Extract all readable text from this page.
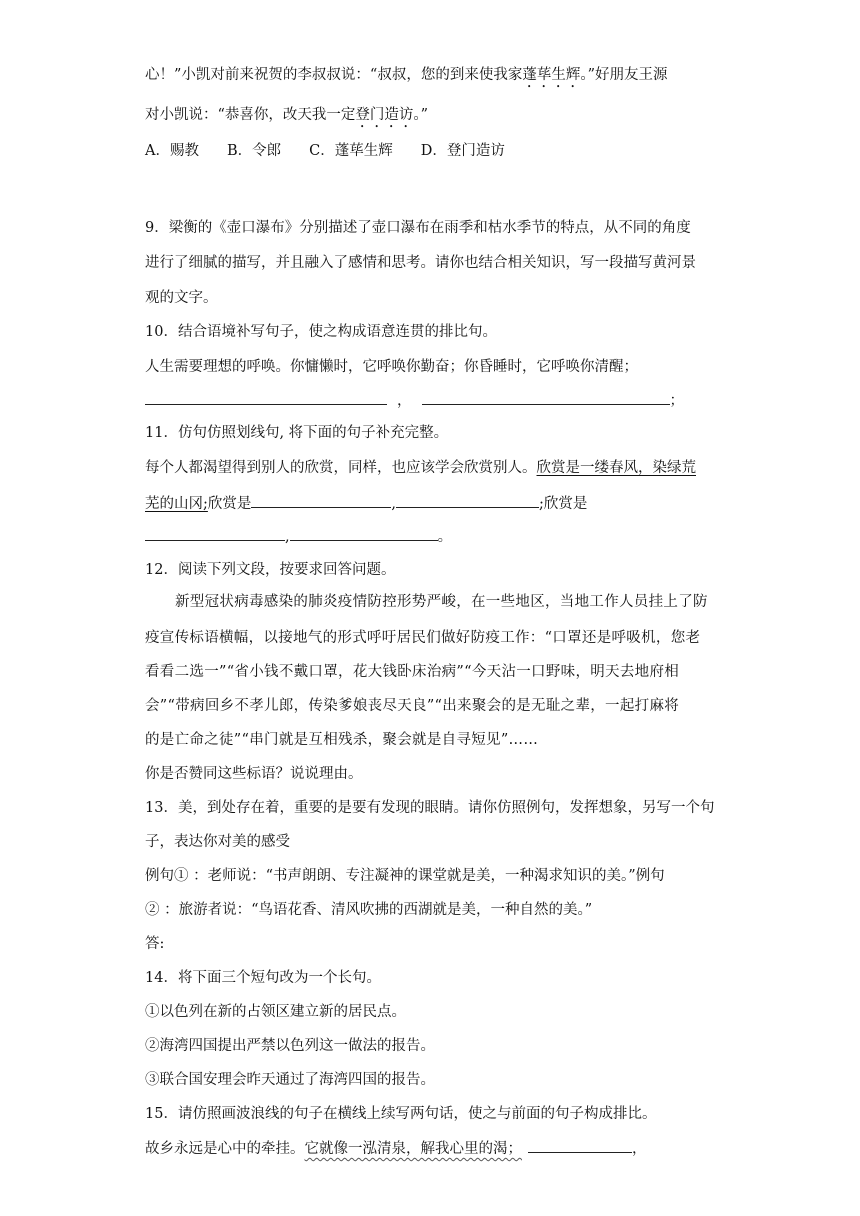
心！”小凯对前来祝贺的李叔叔说：“叔叔，您的到来使我家蓬荜生辉。”好朋友王源
对小凯说：“恭喜你，改天我一定登门造访。”
A．赐教 B．令郎 C．蓬荜生辉 D．登门造访
9．梁衡的《壶口瀑布》分别描述了壶口瀑布在雨季和枯水季节的特点，从不同的角度
进行了细腻的描写，并且融入了感情和思考。请你也结合相关知识，写一段描写黄河景
观的文字。
10．结合语境补写句子，使之构成语意连贯的排比句。
人生需要理想的呼唤。你慵懒时，它呼唤你勤奋；你昏睡时，它呼唤你清醒；
，	；
11．仿句仿照划线句, 将下面的句子补充完整。
每个人都渴望得到别人的欣赏，同样，也应该学会欣赏别人。欣赏是一缕春风，染绿荒
芜的山冈;欣赏是	,	;欣赏是
,	。
12．阅读下列文段，按要求回答问题。
新型冠状病毒感染的肺炎疫情防控形势严峻，在一些地区，当地工作人员挂上了防
疫宣传标语横幅，以接地气的形式呼吁居民们做好防疫工作：“口罩还是呼吸机，您老
看看二选一”“省小钱不戴口罩，花大钱卧床治病”“今天沾一口野味，明天去地府相
会”“带病回乡不孝儿郎，传染爹娘丧尽天良”“出来聚会的是无耻之辈，一起打麻将
的是亡命之徒”“串门就是互相残杀，聚会就是自寻短见”……
你是否赞同这些标语？说说理由。
13．美，到处存在着，重要的是要有发现的眼睛。请你仿照例句，发挥想象，另写一个句
子，表达你对美的感受
例句① ：老师说：“书声朗朗、专注凝神的课堂就是美，一种渴求知识的美。”例句
② ：旅游者说：“鸟语花香、清风吹拂的西湖就是美，一种自然的美。”
答:
14．将下面三个短句改为一个长句。
①以色列在新的占领区建立新的居民点。
②海湾四国提出严禁以色列这一做法的报告。
③联合国安理会昨天通过了海湾四国的报告。
15．请仿照画波浪线的句子在横线上续写两句话，使之与前面的句子构成排比。
故乡永远是心中的牵挂。它就像一泓清泉，解我心里的渴；	，
